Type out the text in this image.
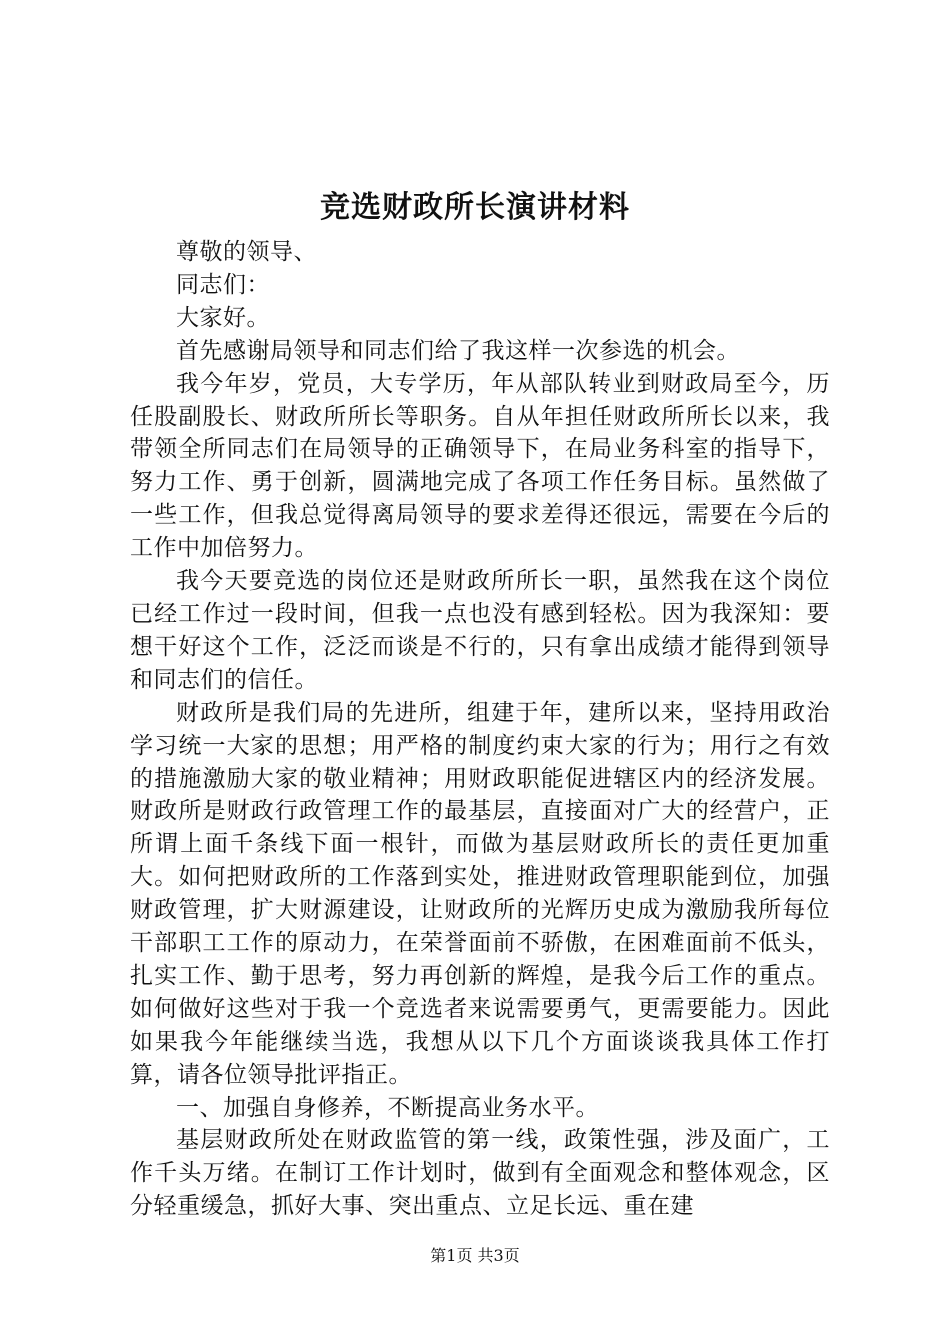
竞选财政所长演讲材料

尊敬的领导、

同志们：

大家好。

首先感谢局领导和同志们给了我这样一次参选的机会。

我今年岁，党员，大专学历，年从部队转业到财政局至今，历任股副股长、财政所所长等职务。自从年担任财政所所长以来，我带领全所同志们在局领导的正确领导下，在局业务科室的指导下，努力工作、勇于创新，圆满地完成了各项工作任务目标。虽然做了一些工作，但我总觉得离局领导的要求差得还很远，需要在今后的工作中加倍努力。

我今天要竞选的岗位还是财政所所长一职，虽然我在这个岗位已经工作过一段时间，但我一点也没有感到轻松。因为我深知：要想干好这个工作，泛泛而谈是不行的，只有拿出成绩才能得到领导和同志们的信任。

财政所是我们局的先进所，组建于年，建所以来，坚持用政治学习统一大家的思想；用严格的制度约束大家的行为；用行之有效的措施激励大家的敬业精神；用财政职能促进辖区内的经济发展。财政所是财政行政管理工作的最基层，直接面对广大的经营户，正所谓上面千条线下面一根针，而做为基层财政所长的责任更加重大。如何把财政所的工作落到实处，推进财政管理职能到位，加强财政管理，扩大财源建设，让财政所的光辉历史成为激励我所每位干部职工工作的原动力，在荣誉面前不骄傲，在困难面前不低头，扎实工作、勤于思考，努力再创新的辉煌，是我今后工作的重点。如何做好这些对于我一个竞选者来说需要勇气，更需要能力。因此如果我今年能继续当选，我想从以下几个方面谈谈我具体工作打算，请各位领导批评指正。

一、加强自身修养，不断提高业务水平。

基层财政所处在财政监管的第一线，政策性强，涉及面广，工作千头万绪。在制订工作计划时，做到有全面观念和整体观念，区分轻重缓急，抓好大事、突出重点、立足长远、重在建

第1页 共3页
